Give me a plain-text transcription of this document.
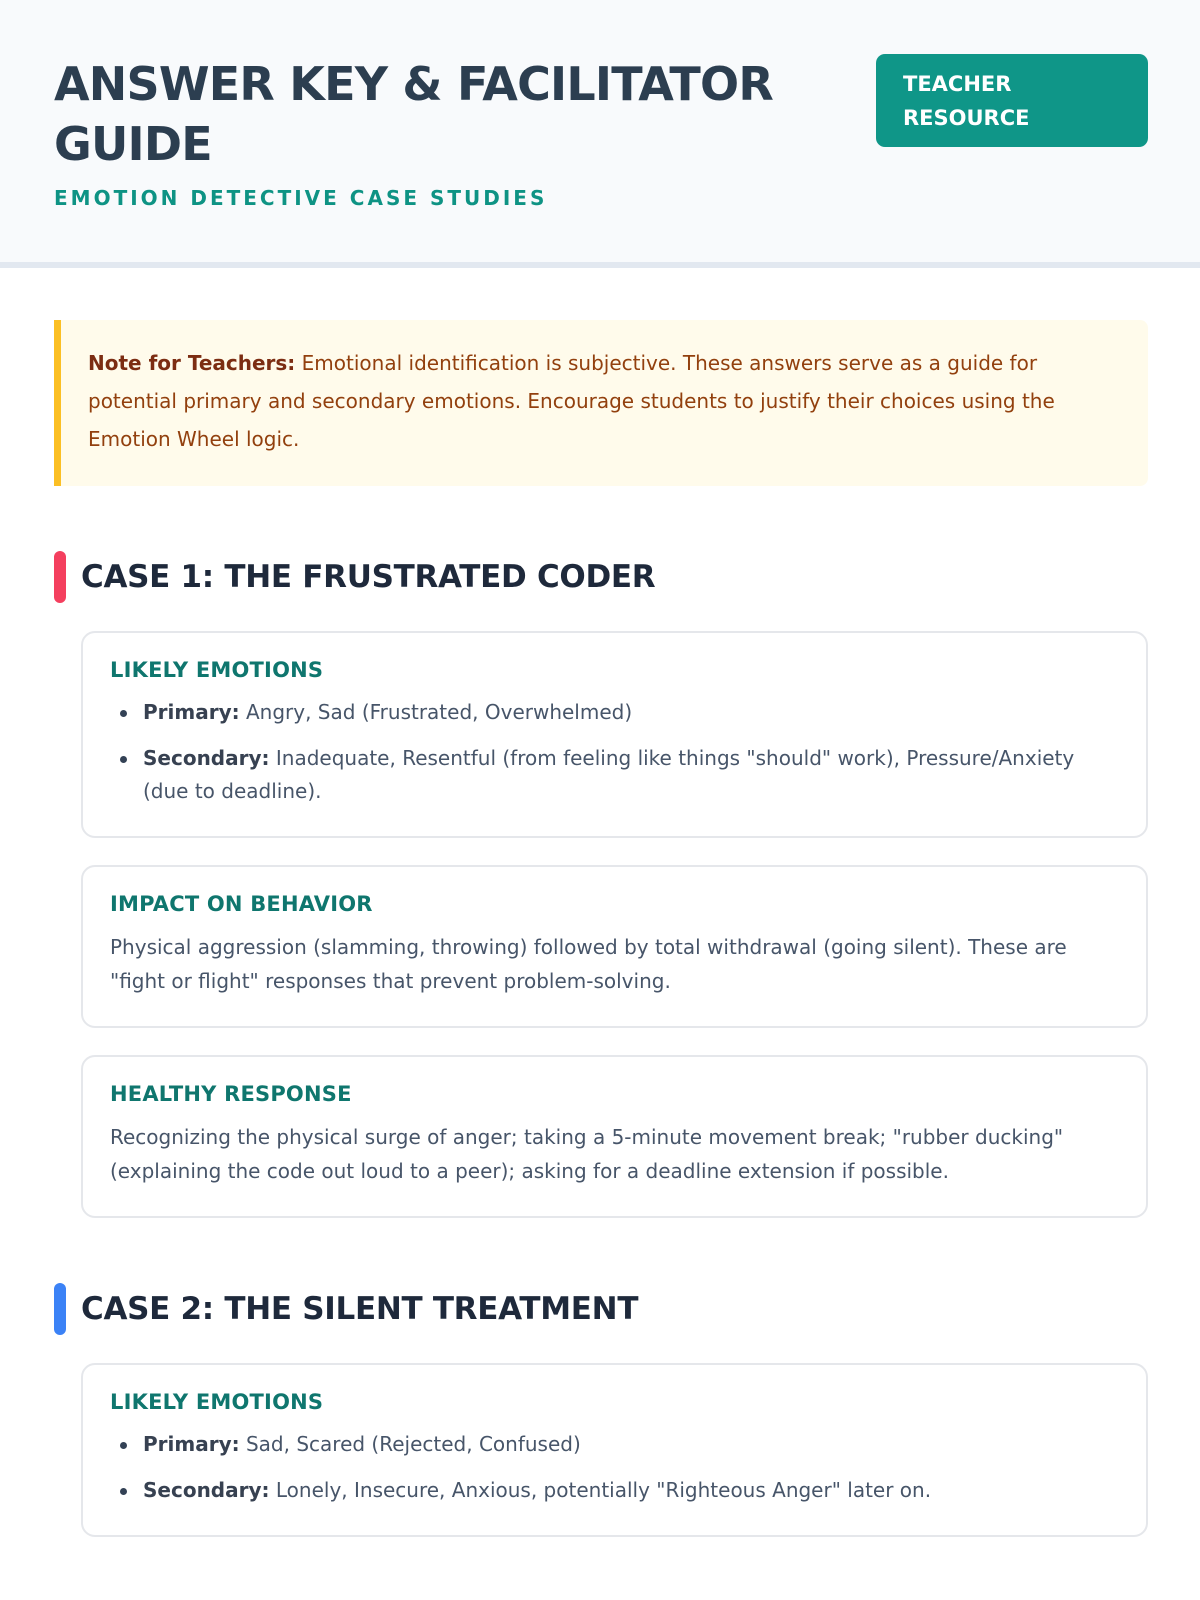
ANSWER KEY & FACILITATOR GUIDE
EMOTION DETECTIVE CASE STUDIES
TEACHER
RESOURCE
Note for Teachers: Emotional identification is subjective. These answers serve as a guide for potential primary and secondary emotions. Encourage students to justify their choices using the Emotion Wheel logic.
CASE 1: THE FRUSTRATED CODER
LIKELY EMOTIONS
Primary: Angry, Sad (Frustrated, Overwhelmed)
Secondary: Inadequate, Resentful (from feeling like things "should" work), Pressure/Anxiety (due to deadline).
IMPACT ON BEHAVIOR

Physical aggression (slamming, throwing) followed by total withdrawal (going silent). These are "fight or flight" responses that prevent problem-solving.

HEALTHY RESPONSE

Recognizing the physical surge of anger; taking a 5-minute movement break; "rubber ducking" (explaining the code out loud to a peer); asking for a deadline extension if possible.

CASE 2: THE SILENT TREATMENT
LIKELY EMOTIONS
Primary: Sad, Scared (Rejected, Confused)
Secondary: Lonely, Insecure, Anxious, potentially "Righteous Anger" later on.
